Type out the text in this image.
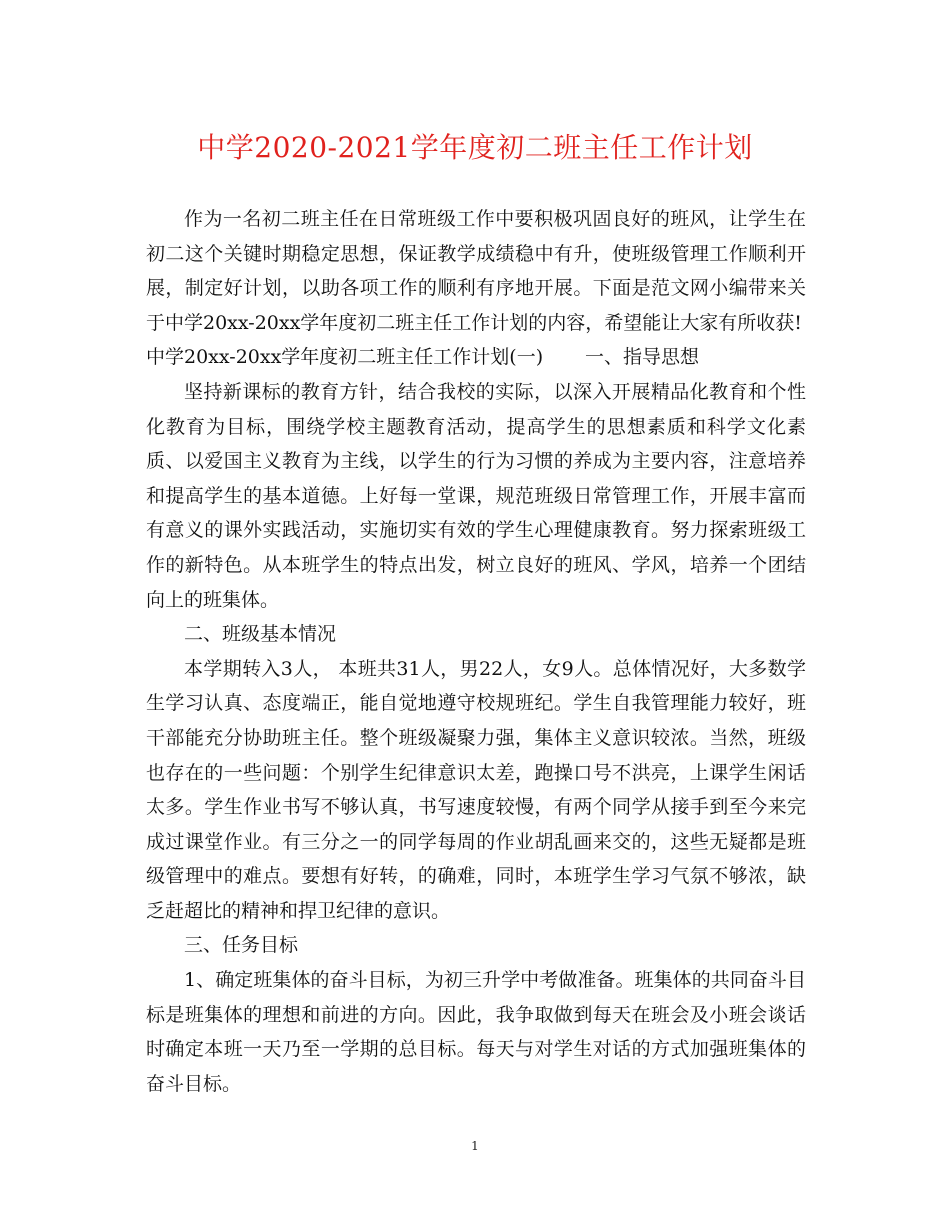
中学2020-2021学年度初二班主任工作计划

作为一名初二班主任在日常班级工作中要积极巩固良好的班风，让学生在初二这个关键时期稳定思想，保证教学成绩稳中有升，使班级管理工作顺利开展，制定好计划，以助各项工作的顺利有序地开展。下面是范文网小编带来关于中学20xx-20xx学年度初二班主任工作计划的内容，希望能让大家有所收获!

中学20xx-20xx学年度初二班主任工作计划(一) 一、指导思想

坚持新课标的教育方针，结合我校的实际，以深入开展精品化教育和个性化教育为目标，围绕学校主题教育活动，提高学生的思想素质和科学文化素质、以爱国主义教育为主线，以学生的行为习惯的养成为主要内容，注意培养和提高学生的基本道德。上好每一堂课，规范班级日常管理工作，开展丰富而有意义的课外实践活动，实施切实有效的学生心理健康教育。努力探索班级工作的新特色。从本班学生的特点出发，树立良好的班风、学风，培养一个团结向上的班集体。

二、班级基本情况

本学期转入3人， 本班共31人，男22人，女9人。总体情况好，大多数学生学习认真、态度端正，能自觉地遵守校规班纪。学生自我管理能力较好，班干部能充分协助班主任。整个班级凝聚力强，集体主义意识较浓。当然，班级也存在的一些问题：个别学生纪律意识太差，跑操口号不洪亮，上课学生闲话太多。学生作业书写不够认真，书写速度较慢，有两个同学从接手到至今来完成过课堂作业。有三分之一的同学每周的作业胡乱画来交的，这些无疑都是班级管理中的难点。要想有好转，的确难，同时，本班学生学习气氛不够浓，缺乏赶超比的精神和捍卫纪律的意识。

三、任务目标

1、确定班集体的奋斗目标，为初三升学中考做准备。班集体的共同奋斗目标是班集体的理想和前进的方向。因此，我争取做到每天在班会及小班会谈话时确定本班一天乃至一学期的总目标。每天与对学生对话的方式加强班集体的奋斗目标。

1
